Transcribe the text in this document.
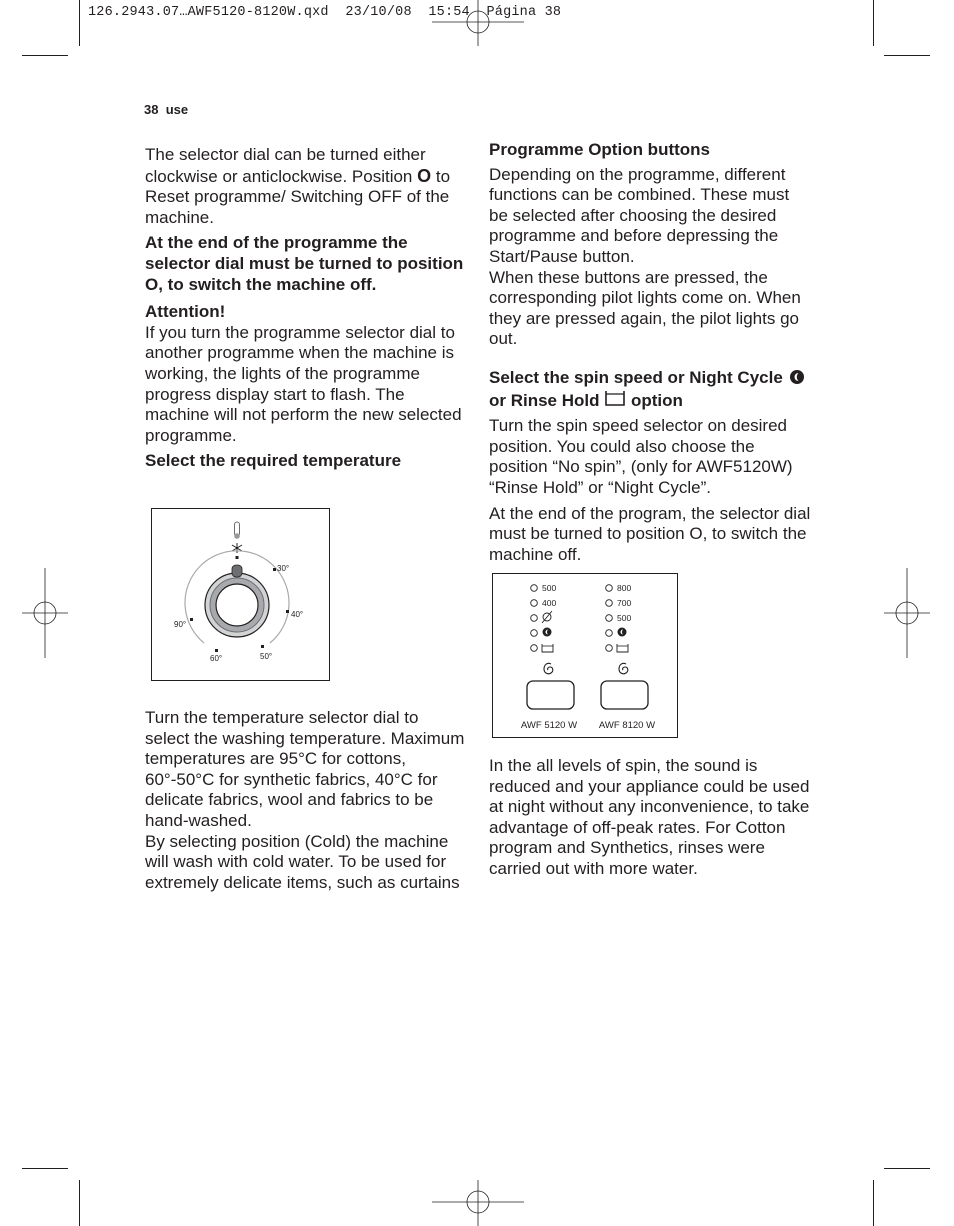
126.2943.07…AWF5120-8120W.qxd  23/10/08  15:54  Página 38
38 use

The selector dial can be turned either clockwise or anticlockwise. Position O to Reset programme/ Switching OFF of the machine.

At the end of the programme the selector dial must be turned to position O, to switch the machine off.

Attention!

If you turn the programme selector dial to another programme when the machine is working, the lights of the programme progress display start to flash. The machine will not perform the new selected programme.

Select the required temperature

30°
40°
50°
60°
90°

Turn the temperature selector dial to select the washing temperature. Maximum temperatures are 95°C for cottons, 60°-50°C for synthetic fabrics, 40°C for delicate fabrics, wool and fabrics to be hand-washed.

By selecting position (Cold) the machine will wash with cold water. To be used for extremely delicate items, such as curtains

Programme Option buttons

Depending on the programme, different functions can be combined. These must be selected after choosing the desired programme and before depressing the Start/Pause button.

When these buttons are pressed, the corresponding pilot lights come on. When they are pressed again, the pilot lights go out.

Select the spin speed or Night Cycle  or Rinse Hold option

Turn the spin speed selector on desired position. You could also choose the position “No spin”, (only for AWF5120W) “Rinse Hold” or “Night Cycle”.

At the end of the program, the selector dial must be turned to position O, to switch the machine off.

500
400
800
700
500
AWF 5120 W AWF 8120 W

In the all levels of spin, the sound is reduced and your appliance could be used at night without any inconvenience, to take advantage of off-peak rates. For Cotton program and Synthetics, rinses were carried out with more water.
